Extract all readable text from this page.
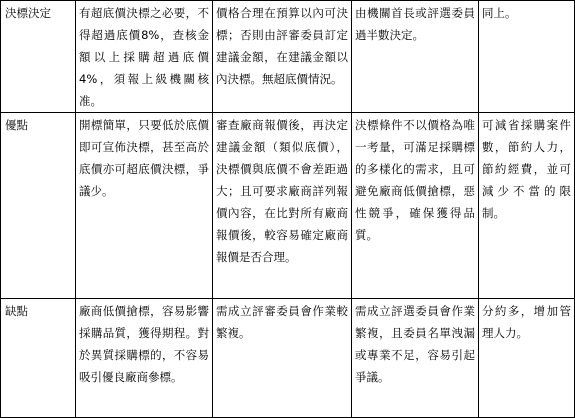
決標決定	有超底價決標之必要，不得超過底價8%，查核金額以上採購超過底價4%，須報上級機關核准。	價格合理在預算以內可決標；否則由評審委員訂定建議金額，在建議金額以內決標。無超底價情況。	由機關首長或評選委員過半數決定。	同上。
優點	開標簡單，只要低於底價即可宣佈決標，甚至高於底價亦可超底價決標，爭議少。	審查廠商報價後，再決定建議金額（類似底價），決標價與底價不會差距過大；且可要求廠商詳列報價內容，在比對所有廠商報價後，較容易確定廠商報價是否合理。	決標條件不以價格為唯一考量，可滿足採購標的多樣化的需求，且可避免廠商低價搶標，惡性競爭，確保獲得品質。	可減省採購案件數，節約人力，節約經費，並可減少不當的限制。
缺點	廠商低價搶標，容易影響採購品質，獲得期程。對於異質採購標的，不容易吸引優良廠商參標。	需成立評審委員會作業較繁複。	需成立評選委員會作業繁複，且委員名單洩漏或專業不足，容易引起爭議。	分約多，增加管理人力。
